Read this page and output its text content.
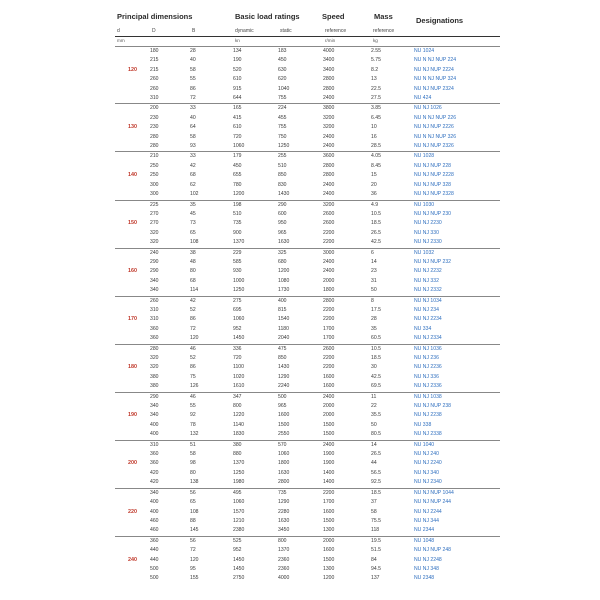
Principal dimensions	Basic load ratings	Speed	Mass	Designations
d	D	B	dynamic	static	reference	reference
mm	kn	r/min	kg
	180	28	134	183	4000	2.55	NU 1024
	215	40	190	450	3400	5.75	NU N NJ NUP 224
120	215	58	520	630	3400	8.2	NU NJ NUP 2224
	260	55	610	620	2800	13	NU N NJ NUP 324
	260	86	915	1040	2800	22.5	NU NJ NUP 2324
	310	72	644	755	2400	27.5	NU 424
	200	33	165	224	3800	3.85	NU NJ 1026
	230	40	415	455	3200	6.45	NU N NJ NUP 226
130	230	64	610	755	3200	10	NU NJ NUP 2226
	280	58	720	750	2400	16	NU N NJ NUP 326
	280	93	1060	1250	2400	28.5	NU NJ NUP 2326
	210	33	179	255	3600	4.05	NU 1028
	250	42	450	510	2800	8.45	NU NJ NUP 228
140	250	68	655	850	2800	15	NU NJ NUP 2228
	300	62	780	830	2400	20	NU NJ NUP 328
	300	102	1200	1430	2400	36	NU NJ NUP 2328
	225	35	198	290	3200	4.9	NU 1030
	270	45	510	600	2600	10.5	NU NJ NUP 230
150	270	73	735	950	2600	18.5	NU NJ 2230
	320	65	900	965	2200	26.5	NU NJ 330
	320	108	1370	1630	2200	42.5	NU NJ 2330
	240	38	229	325	3000	6	NU 1032
	290	48	585	680	2400	14	NU NJ NUP 232
160	290	80	930	1200	2400	23	NU NJ 2232
	340	68	1000	1080	2000	31	NU NJ 332
	340	114	1250	1730	1800	50	NU NJ 2332
	260	42	275	400	2800	8	NU NJ 1034
	310	52	695	815	2200	17.5	NU NJ 234
170	310	86	1060	1540	2200	28	NU NJ 2234
	360	72	952	1180	1700	35	NU 334
	360	120	1450	2040	1700	60.5	NU NJ 2334
	280	46	336	475	2600	10.5	NU NJ 1036
	320	52	720	850	2200	18.5	NU NJ 236
180	320	86	1100	1430	2200	30	NU NJ 2236
	380	75	1020	1290	1600	42.5	NU NJ 336
	380	126	1610	2240	1600	69.5	NU NJ 2336
	290	46	347	500	2400	11	NU NJ 1038
	340	55	800	965	2000	22	NU NJ NUP 238
190	340	92	1220	1600	2000	35.5	NU NJ 2238
	400	78	1140	1500	1500	50	NU 338
	400	132	1830	2550	1500	80.5	NU NJ 2338
	310	51	380	570	2400	14	NU 1040
	360	58	880	1060	1900	26.5	NU NJ 240
200	360	98	1370	1800	1900	44	NU NJ 2240
	420	80	1250	1630	1400	56.5	NU NJ 340
	420	138	1980	2800	1400	92.5	NU NJ 2340
	340	56	495	735	2200	18.5	NU NJ NUP 1044
	400	65	1060	1290	1700	37	NU NJ NUP 244
220	400	108	1570	2280	1600	58	NU NJ 2244
	460	88	1210	1630	1500	75.5	NU NJ 344
	460	145	2380	3450	1300	118	NU 2344
	360	56	525	800	2000	19.5	NU 1048
	440	72	952	1370	1600	51.5	NU NJ NUP 248
240	440	120	1450	2360	1500	84	NU NJ 2248
	500	95	1450	2360	1300	94.5	NU NJ 348
	500	155	2750	4000	1200	137	NU 2348
